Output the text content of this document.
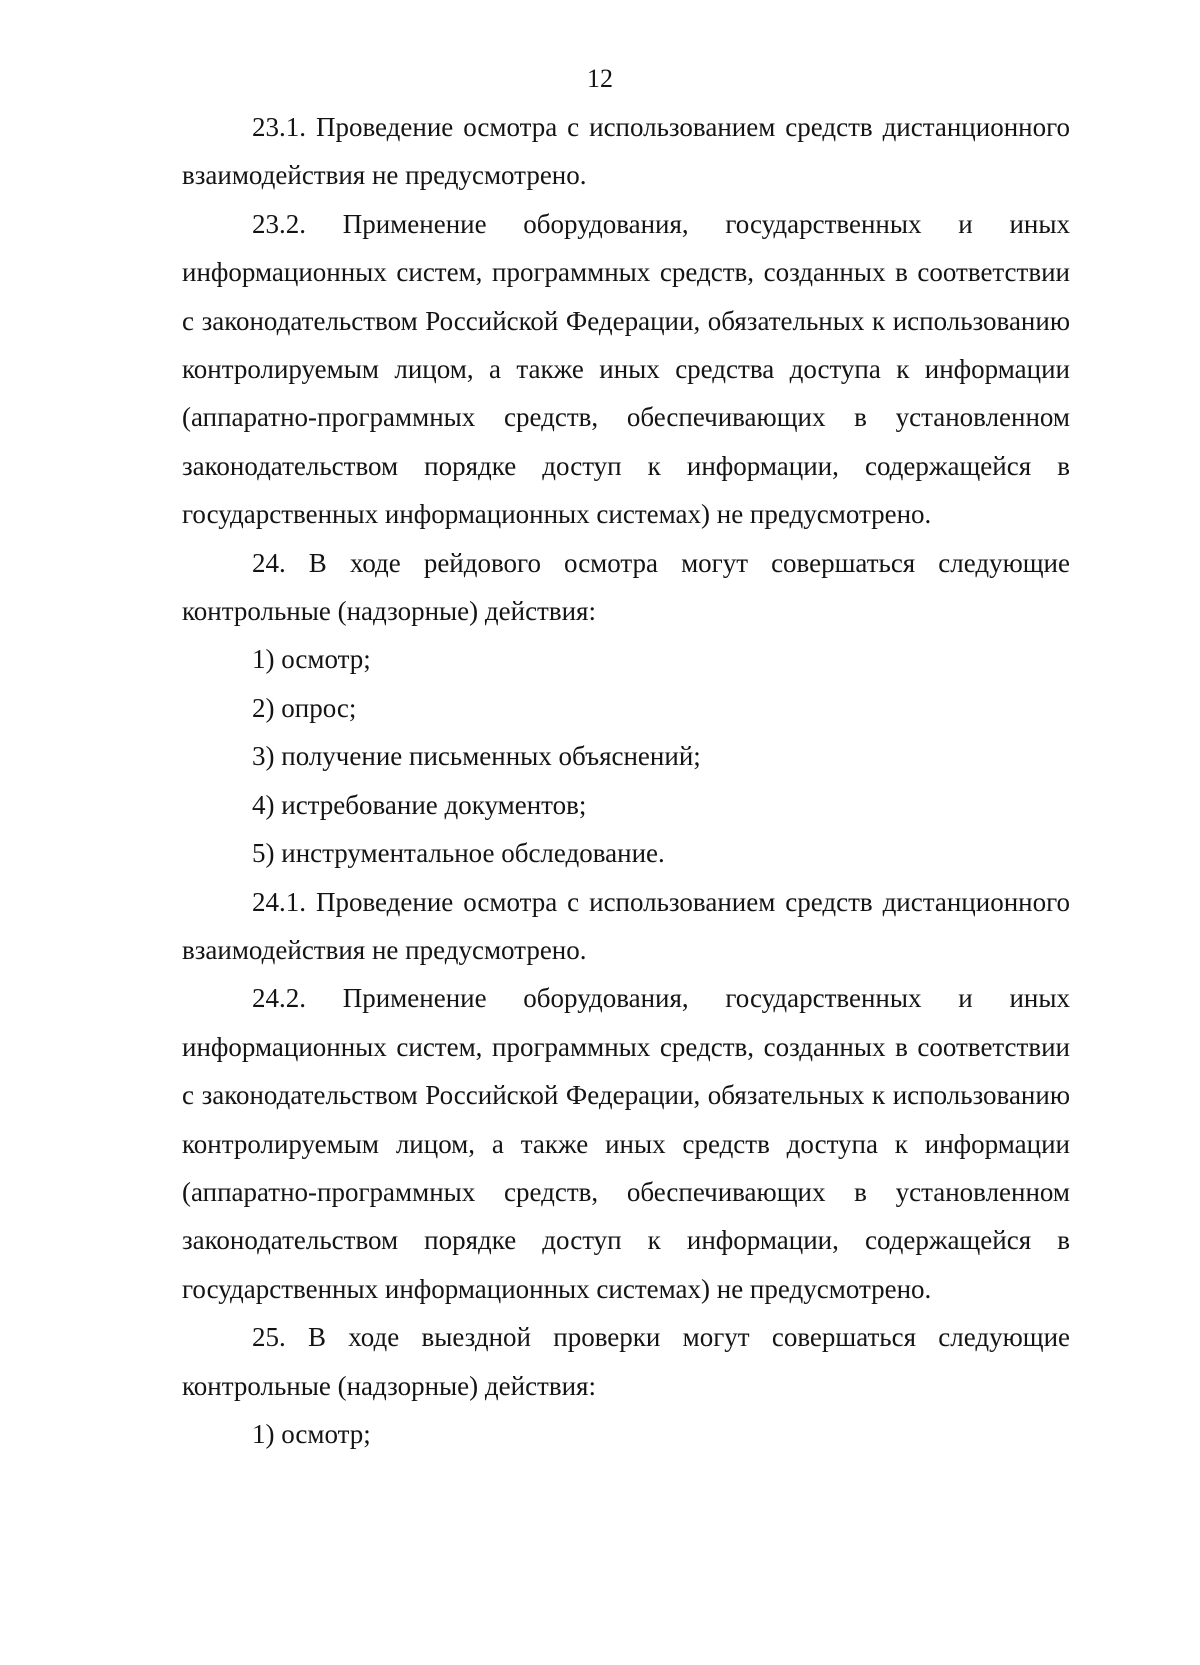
12

23.1. Проведение осмотра с использованием средств дистанционного взаимодействия не предусмотрено.

23.2. Применение оборудования, государственных и иных информационных систем, программных средств, созданных в соответствии с законодательством Российской Федерации, обязательных к использованию контролируемым лицом, а также иных средства доступа к информации (аппаратно-программных средств, обеспечивающих в установленном законодательством порядке доступ к информации, содержащейся в государственных информационных системах) не предусмотрено.

24. В ходе рейдового осмотра могут совершаться следующие контрольные (надзорные) действия:

1) осмотр;

2) опрос;

3) получение письменных объяснений;

4) истребование документов;

5) инструментальное обследование.

24.1. Проведение осмотра с использованием средств дистанционного взаимодействия не предусмотрено.

24.2. Применение оборудования, государственных и иных информационных систем, программных средств, созданных в соответствии с законодательством Российской Федерации, обязательных к использованию контролируемым лицом, а также иных средств доступа к информации (аппаратно-программных средств, обеспечивающих в установленном законодательством порядке доступ к информации, содержащейся в государственных информационных системах) не предусмотрено.

25. В ходе выездной проверки могут совершаться следующие контрольные (надзорные) действия:

1) осмотр;
